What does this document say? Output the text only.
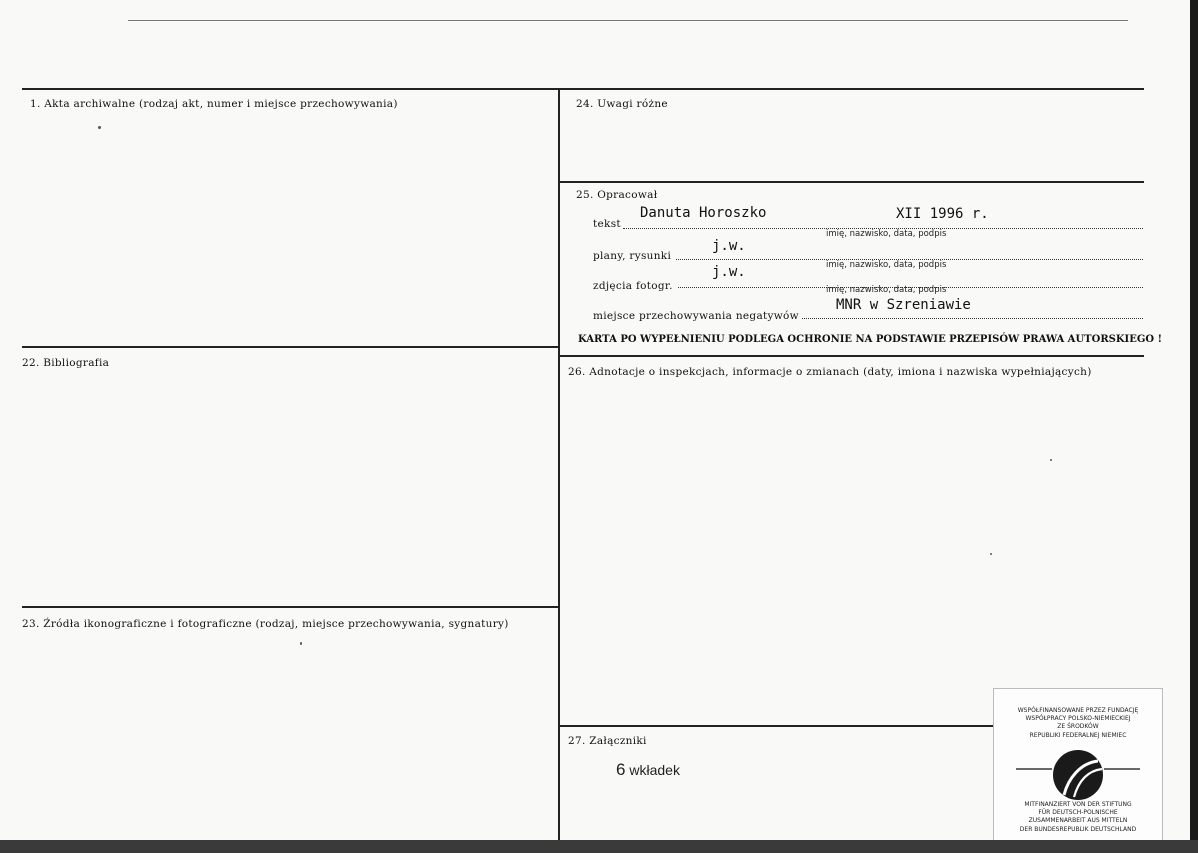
1. Akta archiwalne (rodzaj akt, numer i miejsce przechowywania)
22. Bibliografia
23. Źródła ikonograficzne i fotograficzne (rodzaj, miejsce przechowywania, sygnatury)
24. Uwagi różne
25. Opracował
Danuta Horoszko	XII 1996 r.
tekst
imię, nazwisko, data, podpis
j.w.
plany, rysunki
imię, nazwisko, data, podpis
j.w.
zdjęcia fotogr.	imię, nazwisko, data, podpis
MNR w Szreniawie
miejsce przechowywania negatywów
KARTA PO WYPEŁNIENIU PODLEGA OCHRONIE NA PODSTAWIE PRZEPISÓW PRAWA AUTORSKIEGO !
26. Adnotacje o inspekcjach, informacje o zmianach (daty, imiona i nazwiska wypełniających)
27. Załączniki
6 wkładek
WSPÓŁFINANSOWANE PRZEZ FUNDACJĘ
WSPÓŁPRACY POLSKO-NIEMIECKIEJ
ZE ŚRODKÓW
REPUBLIKI FEDERALNEJ NIEMIEC
MITFINANZIERT VON DER STIFTUNG
FÜR DEUTSCH-POLNISCHE
ZUSAMMENARBEIT AUS MITTELN
DER BUNDESREPUBLIK DEUTSCHLAND
